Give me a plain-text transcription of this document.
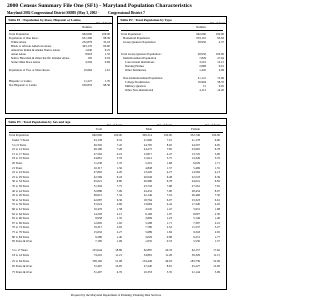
2000 Census Summary File One (SF1) - Maryland Population Characteristics
Maryland 2002 Congressional District SB805 (May 3, 2002 - Congressional District 7
Table P1 : Population by Race, Hispanic or Latino
Number
Pct. of Total
Total Population	662,060	100.00
Population of One Race :	651,396	98.39
White Alone	232,879	35.18
Black or African American Alone	403,170	60.90
American Indian & Alaska Native Alone	1,640	0.25
Asian Alone	8,918	1.35
Native Hawaiian & Other Pacific Islander Alone	195	0.03
Some Other Race Alone	4,594	0.69
Population of Two or More Races	10,664	1.61
Hispanic or Latino	11,227	1.70
Not Hispanic or Latino	650,833	98.30
Table P2 : Total Population by Type
Number
Pct. of Total
Total Population :	662,060	100.00
Household Population	633,110	95.63
Group Quarters Population	28,950	4.37
Total Group Quarters Population :	28,950	100.00
Institutionalized Population	7,829	27.04
Correctional Institutions	3,516	12.15
Nursing Homes	2,868	9.91
Other Institutions	1,445	4.99
Non-Institutionalized Population	21,121	72.96
College Dormitories	16,994	58.70
Military Quarters	15	0.05
Other Non-Institutional	4,112	14.20
Table P3 : Total Population by Sex and Age
Total
Pct. of Total
Male
Pct. of Total
Female
Pct. of Total
Total Population	662,060	100.00	309,314	100.00	352,746	100.00
Under 5 Years	43,138	6.52	21,960	7.10	21,178	6.00
5 to 9 Years	49,302	7.45	24,795	8.02	24,507	6.95
10 to 14 Years	48,180	7.28	24,275	7.85	23,905	6.78
15 to 17 Years	27,562	4.16	13,817	4.47	13,745	3.90
18 to 19 Years	24,861	3.76	11,612	3.75	13,249	3.76
20 Years	11,230	1.70	5,201	1.68	6,029	1.71
21 Years	10,317	1.56	4,848	1.57	5,469	1.55
22 to 24 Years	27,802	4.20	13,220	4.27	14,582	4.13
25 to 29 Years	42,569	6.43	20,046	6.48	22,523	6.39
30 to 34 Years	45,021	6.80	20,980	6.78	24,041	6.82
35 to 39 Years	51,304	7.75	23,743	7.68	27,561	7.81
40 to 44 Years	52,886	7.99	24,432	7.90	28,454	8.07
45 to 49 Years	48,612	7.34	22,146	7.16	26,466	7.50
50 to 54 Years	42,087	6.36	18,764	6.07	23,323	6.61
55 to 59 Years	31,024	4.69	13,684	4.42	17,340	4.92
60 to 61 Years	10,476	1.58	4,545	1.47	5,931	1.68
62 to 64 Years	14,203	2.15	6,106	1.97	8,097	2.30
65 to 66 Years	8,958	1.35	3,809	1.23	5,149	1.46
67 to 69 Years	12,695	1.92	5,298	1.71	7,397	2.10
70 to 74 Years	19,317	2.92	7,780	2.52	11,537	3.27
75 to 79 Years	15,032	2.27	5,689	1.84	9,343	2.65
80 to 84 Years	9,280	1.40	3,029	0.98	6,251	1.77
85 Years & Over	7,185	1.09	1,635	0.53	5,550	1.57
5 to 17 Years	125,044	18.89	62,887	20.33	62,157	17.62
18 to 24 Years	74,210	11.21	34,881	11.28	39,329	11.15
25 to 64 Years	338,182	51.08	154,446	49.93	183,736	52.09
65 Years & Over	72,467	10.95	27,240	8.81	45,227	12.82
75 Years & Over	31,497	4.76	10,353	3.35	21,144	5.99
Prepared by the Maryland Department of Planning, Planning Data Services
